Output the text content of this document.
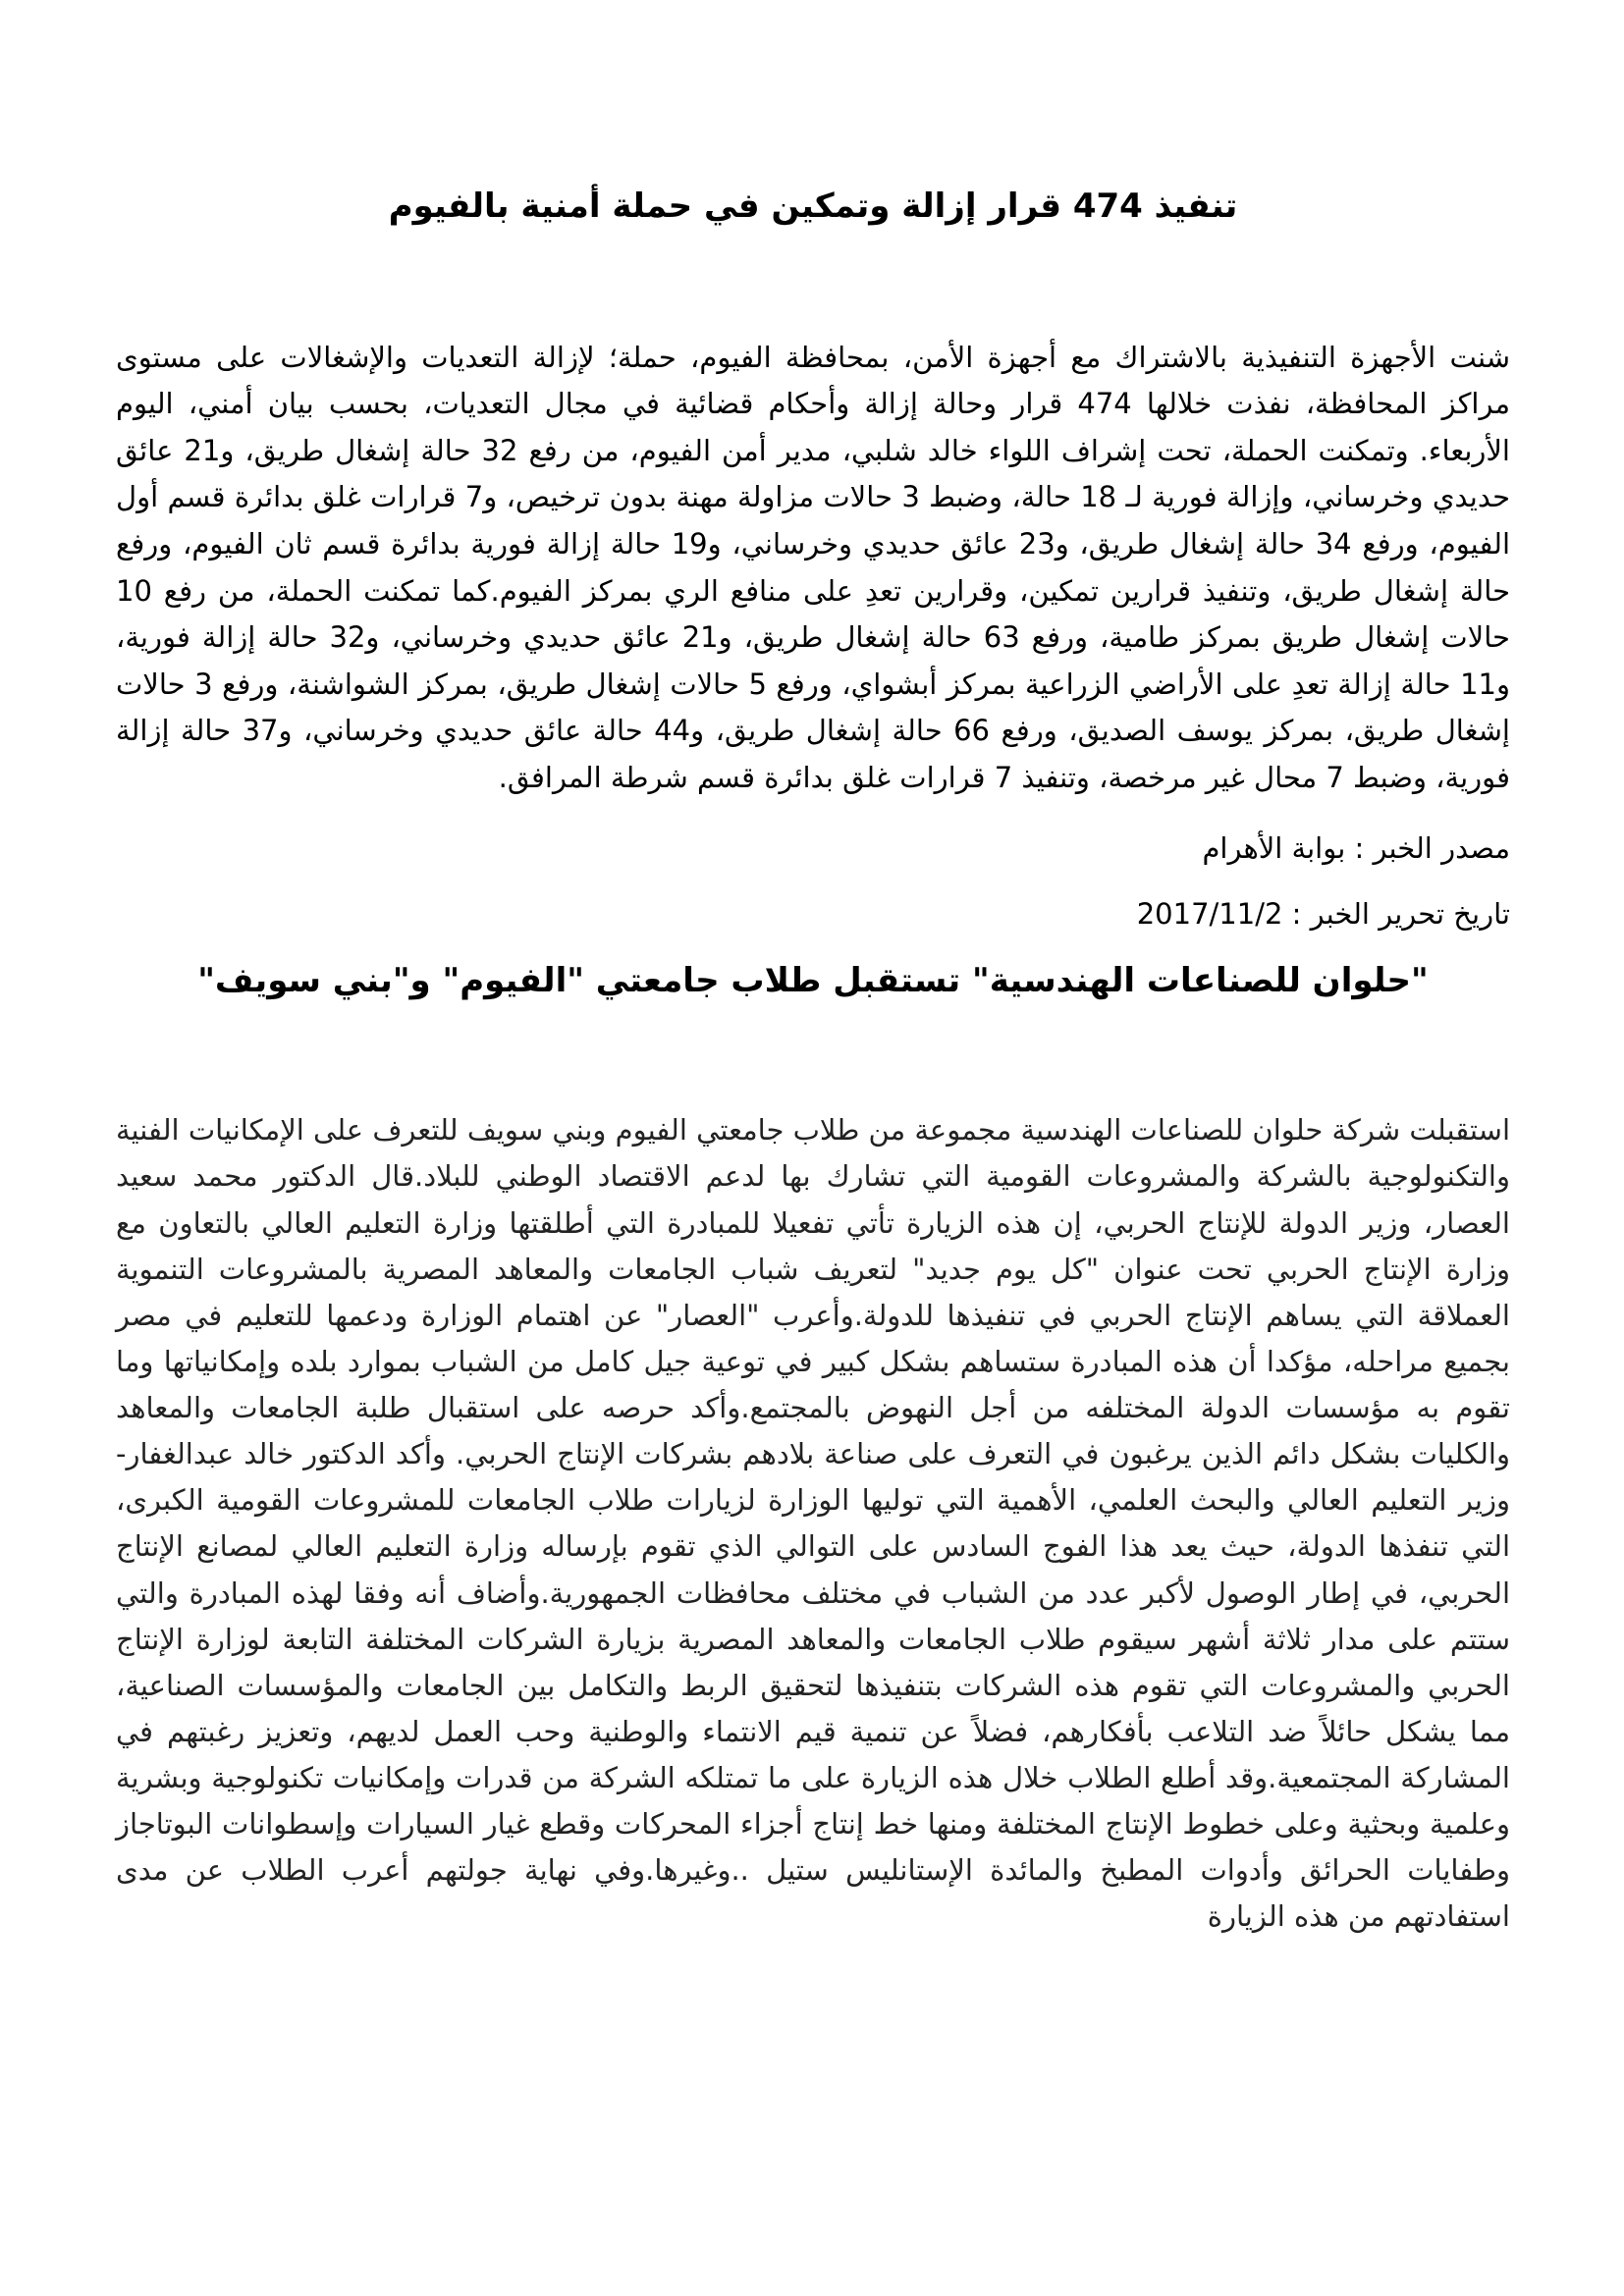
تنفيذ 474 قرار إزالة وتمكين في حملة أمنية بالفيوم

شنت الأجهزة التنفيذية بالاشتراك مع أجهزة الأمن، بمحافظة الفيوم، حملة؛ لإزالة التعديات والإشغالات على مستوى مراكز المحافظة، نفذت خلالها 474 قرار وحالة إزالة وأحكام قضائية في مجال التعديات، بحسب بيان أمني، اليوم الأربعاء. وتمكنت الحملة، تحت إشراف اللواء خالد شلبي، مدير أمن الفيوم، من رفع 32 حالة إشغال طريق، و21 عائق حديدي وخرساني، وإزالة فورية لـ 18 حالة، وضبط 3 حالات مزاولة مهنة بدون ترخيص، و7 قرارات غلق بدائرة قسم أول الفيوم، ورفع 34 حالة إشغال طريق، و23 عائق حديدي وخرساني، و19 حالة إزالة فورية بدائرة قسم ثان الفيوم، ورفع حالة إشغال طريق، وتنفيذ قرارين تمكين، وقرارين تعدِ على منافع الري بمركز الفيوم.كما تمكنت الحملة، من رفع 10 حالات إشغال طريق بمركز طامية، ورفع 63 حالة إشغال طريق، و21 عائق حديدي وخرساني، و32 حالة إزالة فورية، و11 حالة إزالة تعدِ على الأراضي الزراعية بمركز أبشواي، ورفع 5 حالات إشغال طريق، بمركز الشواشنة، ورفع 3 حالات إشغال طريق، بمركز يوسف الصديق، ورفع 66 حالة إشغال طريق، و44 حالة عائق حديدي وخرساني، و37 حالة إزالة فورية، وضبط 7 محال غير مرخصة، وتنفيذ 7 قرارات غلق بدائرة قسم شرطة المرافق.

مصدر الخبر : بوابة الأهرام

تاريخ تحرير الخبر : 2017/11/2

"حلوان للصناعات الهندسية" تستقبل طلاب جامعتي "الفيوم" و"بني سويف"

استقبلت شركة حلوان للصناعات الهندسية مجموعة من طلاب جامعتي الفيوم وبني سويف للتعرف على الإمكانيات الفنية والتكنولوجية بالشركة والمشروعات القومية التي تشارك بها لدعم الاقتصاد الوطني للبلاد.قال الدكتور محمد سعيد العصار، وزير الدولة للإنتاج الحربي، إن هذه الزيارة تأتي تفعيلا للمبادرة التي أطلقتها وزارة التعليم العالي بالتعاون مع وزارة الإنتاج الحربي تحت عنوان "كل يوم جديد" لتعريف شباب الجامعات والمعاهد المصرية بالمشروعات التنموية العملاقة التي يساهم الإنتاج الحربي في تنفيذها للدولة.وأعرب "العصار" عن اهتمام الوزارة ودعمها للتعليم في مصر بجميع مراحله، مؤكدا أن هذه المبادرة ستساهم بشكل كبير في توعية جيل كامل من الشباب بموارد بلده وإمكانياتها وما تقوم به مؤسسات الدولة المختلفه من أجل النهوض بالمجتمع.وأكد حرصه على استقبال طلبة الجامعات والمعاهد والكليات بشكل دائم الذين يرغبون في التعرف على صناعة بلادهم بشركات الإنتاج الحربي. وأكد الدكتور خالد عبدالغفار- وزير التعليم العالي والبحث العلمي، الأهمية التي توليها الوزارة لزيارات طلاب الجامعات للمشروعات القومية الكبرى، التي تنفذها الدولة، حيث يعد هذا الفوج السادس على التوالي الذي تقوم بإرساله وزارة التعليم العالي لمصانع الإنتاج الحربي، في إطار الوصول لأكبر عدد من الشباب في مختلف محافظات الجمهورية.وأضاف أنه وفقا لهذه المبادرة والتي ستتم على مدار ثلاثة أشهر سيقوم طلاب الجامعات والمعاهد المصرية بزيارة الشركات المختلفة التابعة لوزارة الإنتاج الحربي والمشروعات التي تقوم هذه الشركات بتنفيذها لتحقيق الربط والتكامل بين الجامعات والمؤسسات الصناعية، مما يشكل حائلاً ضد التلاعب بأفكارهم، فضلاً عن تنمية قيم الانتماء والوطنية وحب العمل لديهم، وتعزيز رغبتهم في المشاركة المجتمعية.وقد أطلع الطلاب خلال هذه الزيارة على ما تمتلكه الشركة من قدرات وإمكانيات تكنولوجية وبشرية وعلمية وبحثية وعلى خطوط الإنتاج المختلفة ومنها خط إنتاج أجزاء المحركات وقطع غيار السيارات وإسطوانات البوتاجاز وطفايات الحرائق وأدوات المطبخ والمائدة الإستانليس ستيل ..وغيرها.وفي نهاية جولتهم أعرب الطلاب عن مدى استفادتهم من هذه الزيارة
